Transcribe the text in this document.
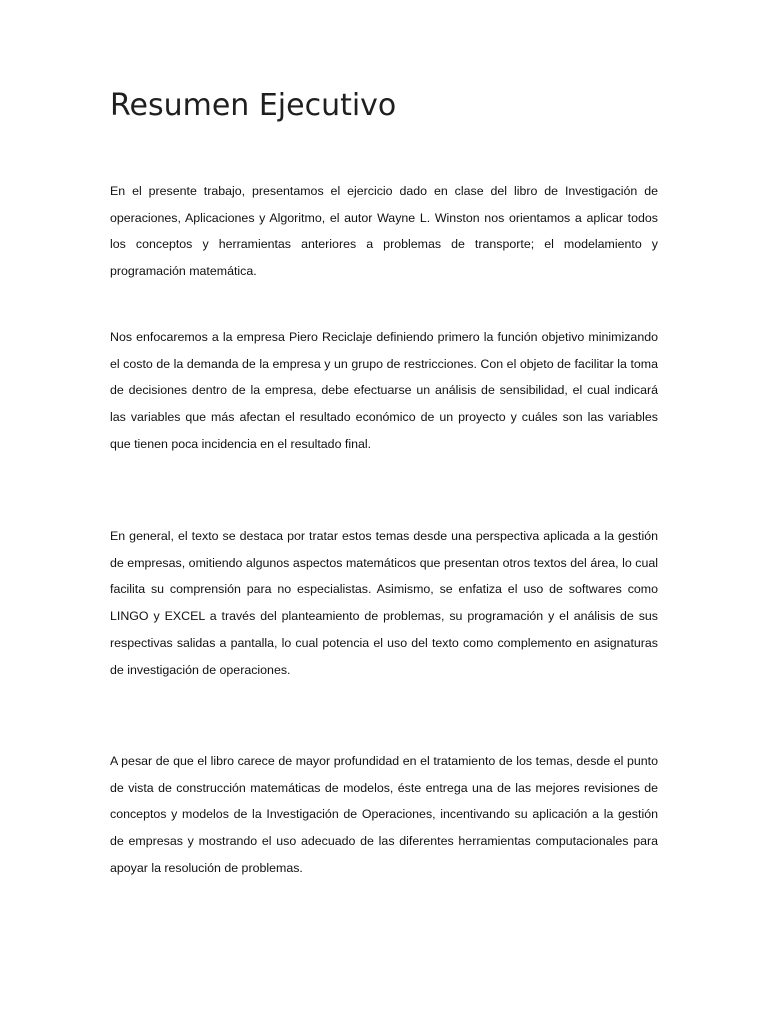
Resumen Ejecutivo

En el presente trabajo, presentamos el ejercicio dado en clase del libro de Investigación de operaciones, Aplicaciones y Algoritmo, el autor Wayne L. Winston nos orientamos a aplicar todos los conceptos y herramientas anteriores a problemas de transporte; el modelamiento y programación matemática.

Nos enfocaremos a la empresa Piero Reciclaje definiendo primero la función objetivo minimizando el costo de la demanda de la empresa y un grupo de restricciones. Con el objeto de facilitar la toma de decisiones dentro de la empresa, debe efectuarse un análisis de sensibilidad, el cual indicará las variables que más afectan el resultado económico de un proyecto y cuáles son las variables que tienen poca incidencia en el resultado final.

En general, el texto se destaca por tratar estos temas desde una perspectiva aplicada a la gestión de empresas, omitiendo algunos aspectos matemáticos que presentan otros textos del área, lo cual facilita su comprensión para no especialistas. Asimismo, se enfatiza el uso de softwares como LINGO y EXCEL a través del planteamiento de problemas, su programación y el análisis de sus respectivas salidas a pantalla, lo cual potencia el uso del texto como complemento en asignaturas de investigación de operaciones.

A pesar de que el libro carece de mayor profundidad en el tratamiento de los temas, desde el punto de vista de construcción matemáticas de modelos, éste entrega una de las mejores revisiones de conceptos y modelos de la Investigación de Operaciones, incentivando su aplicación a la gestión de empresas y mostrando el uso adecuado de las diferentes herramientas computacionales para apoyar la resolución de problemas.
